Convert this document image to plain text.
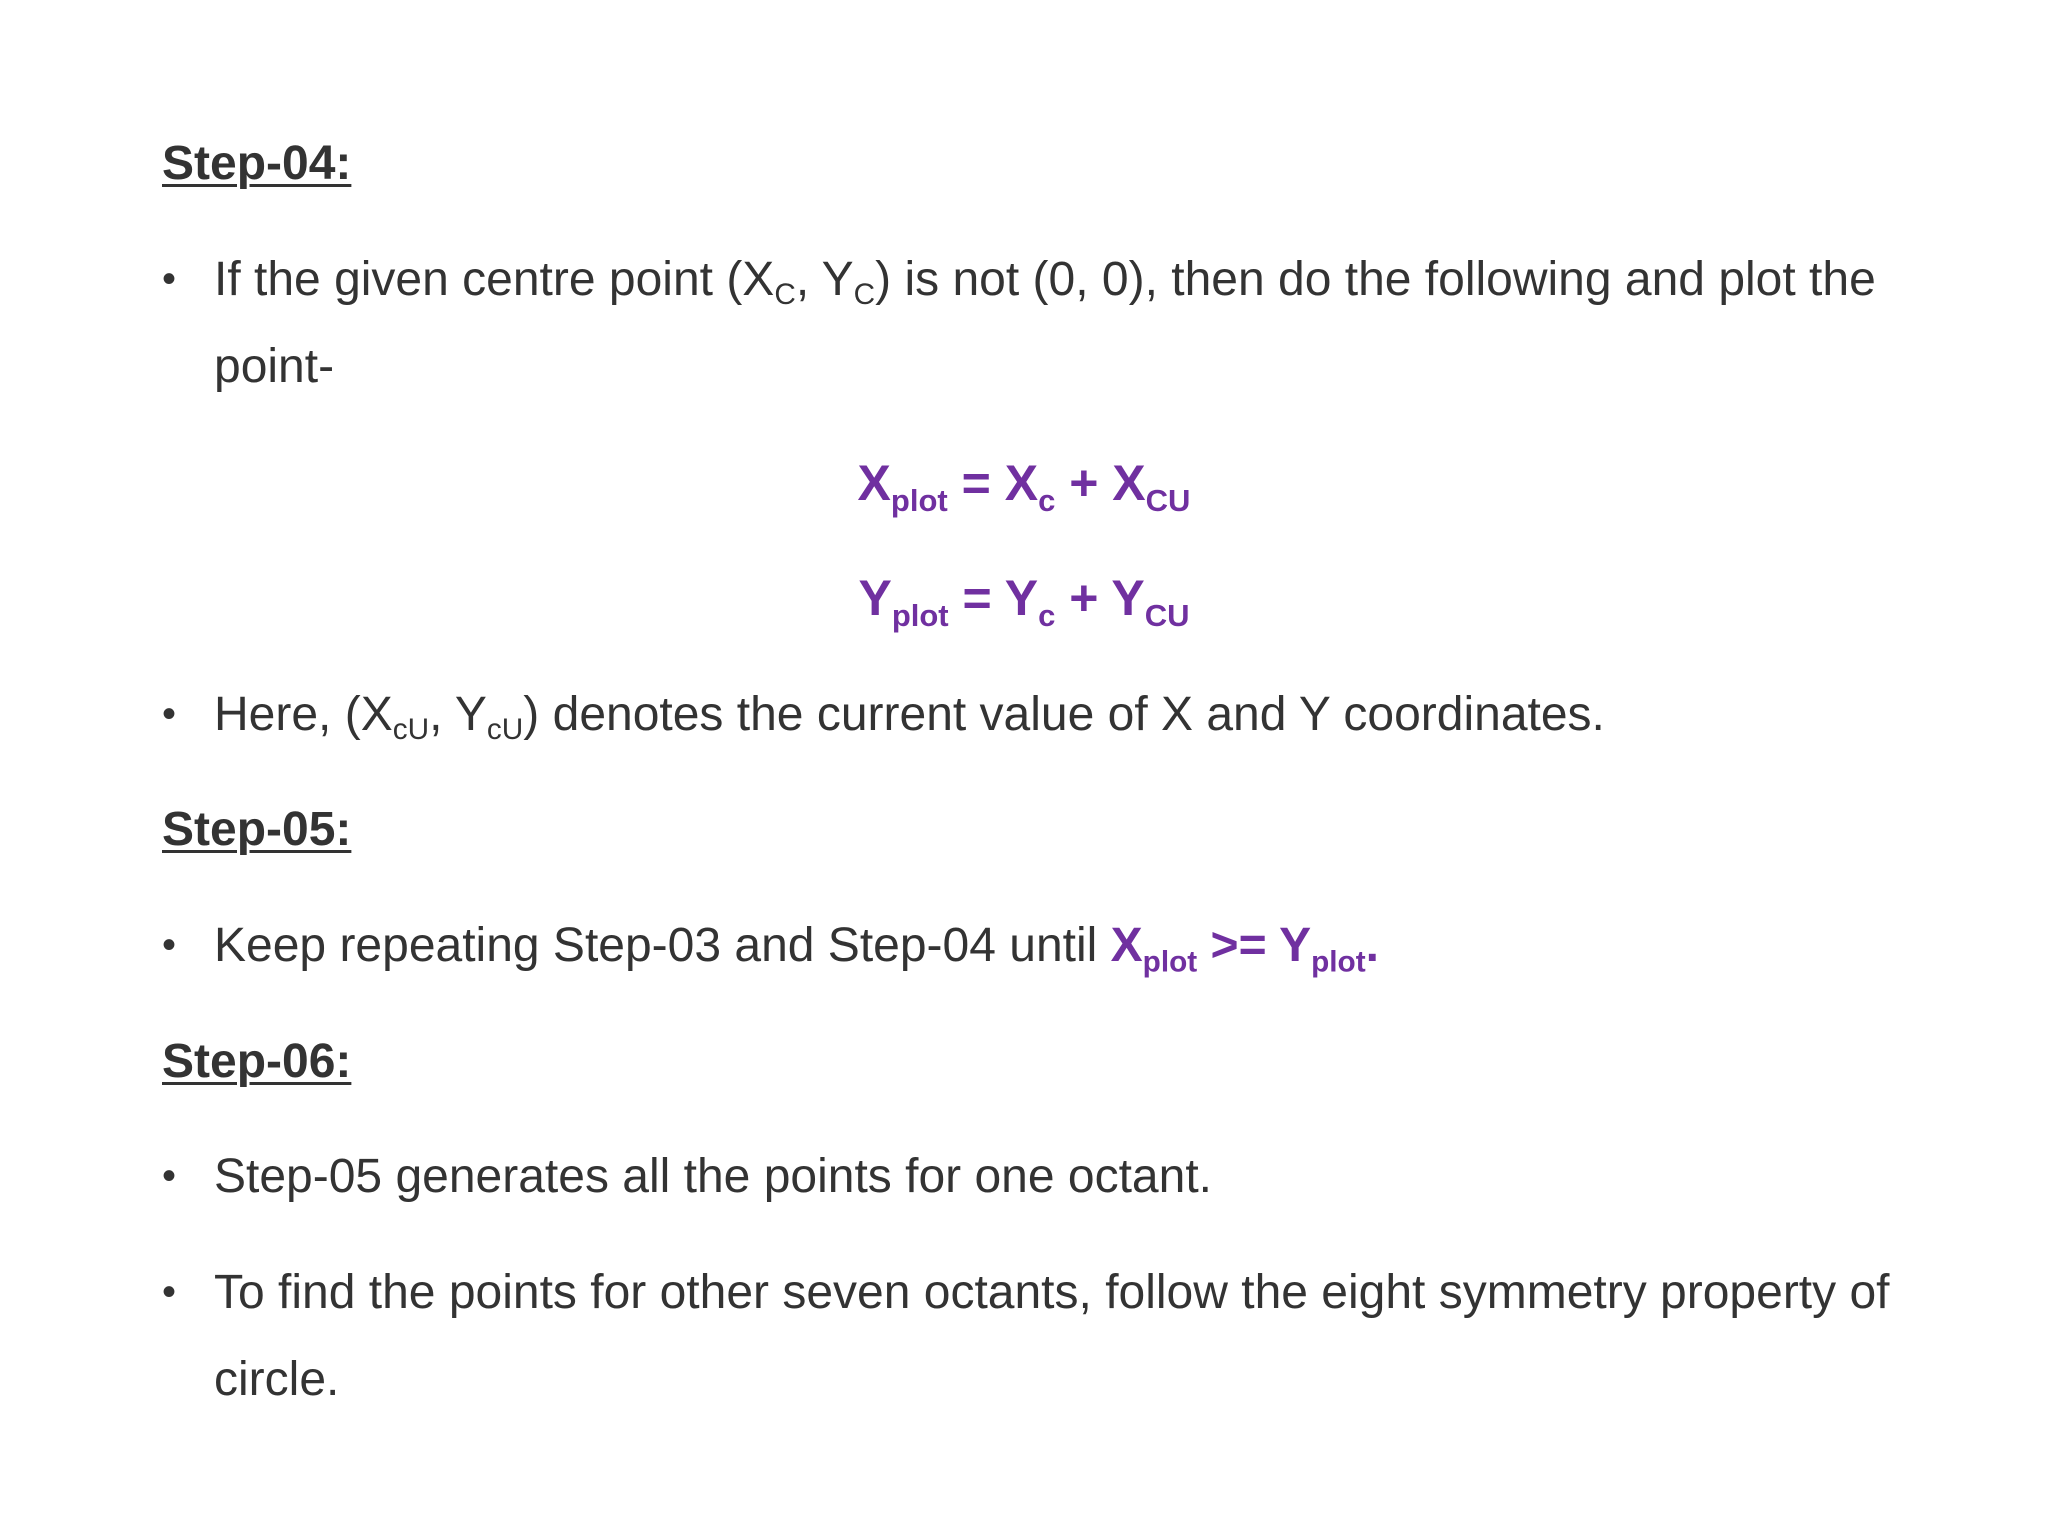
Step-04:
• If the given centre point ($X_C$, $Y_C$) is not (0, 0), then do the following and plot the point-
$X_{plot} = X_c + X_{CU}$
$Y_{plot} = Y_c + Y_{CU}$
• Here, ($X_{cU}$, $Y_{cU}$) denotes the current value of X and Y coordinates.
Step-05:
• Keep repeating Step-03 and Step-04 until $X_{plot} >= Y_{plot}$.
Step-06:
• Step-05 generates all the points for one octant.
• To find the points for other seven octants, follow the eight symmetry property of circle.
